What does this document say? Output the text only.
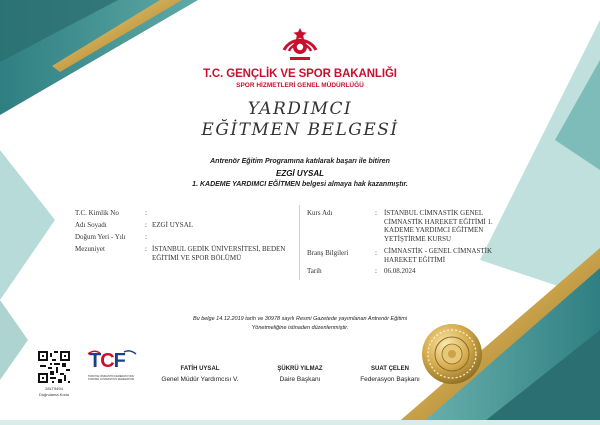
T.C. GENÇLİK VE SPOR BAKANLIĞI
SPOR HİZMETLERİ GENEL MÜDÜRLÜĞÜ
YARDIMCI
EĞİTMEN BELGESİ
Antrenör Eğitim Programına katılarak başarı ile bitiren
EZGİ UYSAL
1. KADEME YARDIMCI EĞİTMEN belgesi almaya hak kazanmıştır.
T.C. Kimlik No	:
Adı Soyadı	: EZGİ UYSAL
Doğum Yeri - Yılı	:
Mezuniyet	: İSTANBUL GEDİK ÜNİVERSİTESİ, BEDEN EĞİTİMİ VE SPOR BÖLÜMÜ
Kurs Adı	: İSTANBUL CİMNASTİK GENEL CİMNASTİK HAREKET EĞİTİMİ 1. KADEME YARDIMCI EĞİTMEN YETİŞTİRME KURSU
Branş Bilgileri	: CİMNASTİK - GENEL CİMNASTİK HAREKET EĞİTİMİ
Tarih	: 06.08.2024
Bu belge 14.12.2019 tarih ve 30978 sayılı Resmi Gazetede yayımlanan Antrenör Eğitimi
Yönetmeliğine istinaden düzenlenmiştir.
28LT9494
Doğrulama Kodu
TCF
TÜRKİYE CİMNASTİK FEDERASYONU TURKISH GYMNASTICS FEDERATION
FATİH UYSAL
Genel Müdür Yardımcısı V.
ŞÜKRÜ YILMAZ
Daire Başkanı
SUAT ÇELEN
Federasyon Başkanı
